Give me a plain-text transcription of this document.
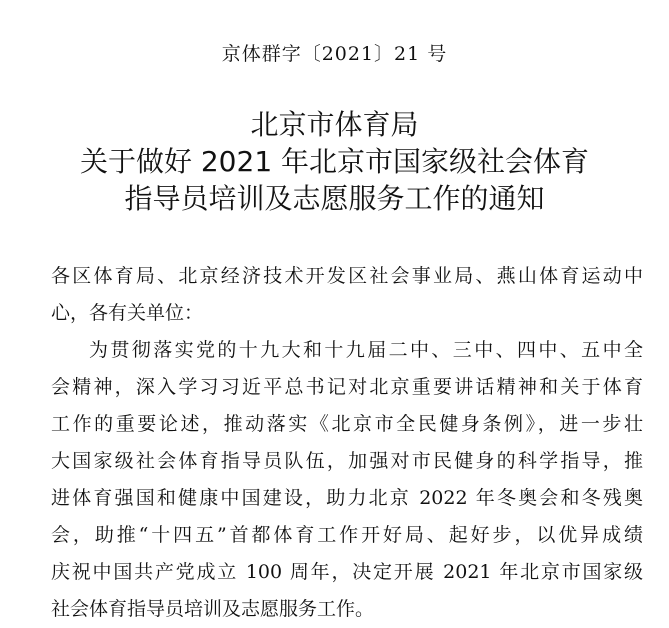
京体群字〔2021〕21 号
北京市体育局
关于做好 2021 年北京市国家级社会体育
指导员培训及志愿服务工作的通知
各区体育局、北京经济技术开发区社会事业局、燕山体育运动中
心，各有关单位：
为贯彻落实党的十九大和十九届二中、三中、四中、五中全
会精神，深入学习习近平总书记对北京重要讲话精神和关于体育
工作的重要论述，推动落实《北京市全民健身条例》，进一步壮
大国家级社会体育指导员队伍，加强对市民健身的科学指导，推
进体育强国和健康中国建设，助力北京 2022 年冬奥会和冬残奥
会，助推“十四五”首都体育工作开好局、起好步，以优异成绩
庆祝中国共产党成立 100 周年，决定开展 2021 年北京市国家级
社会体育指导员培训及志愿服务工作。
